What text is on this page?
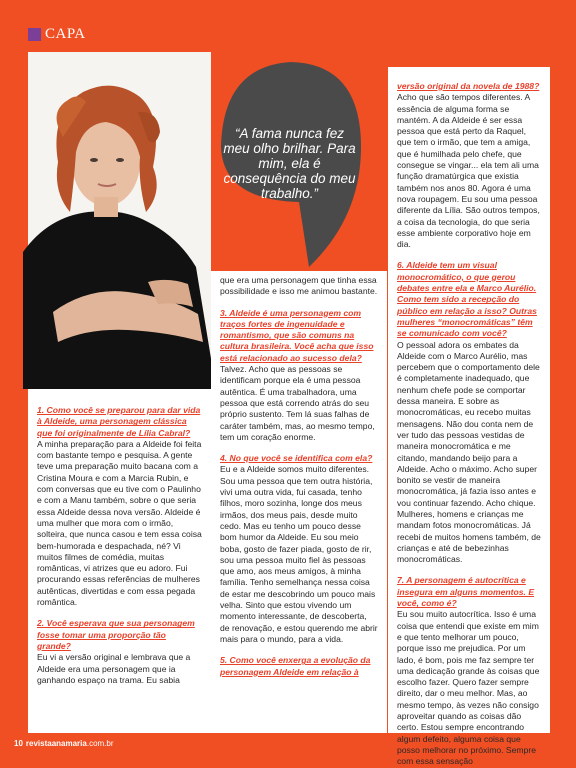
CAPA
“A fama nunca fez meu olho brilhar. Para mim, ela é consequência do meu trabalho.”

1. Como você se preparou para dar vida à Aldeide, uma personagem clássica que foi originalmente de Lília Cabral?
A minha preparação para a Aldeide foi feita com bastante tempo e pesquisa. A gente teve uma preparação muito bacana com a Cristina Moura e com a Marcia Rubin, e com conversas que eu tive com o Paulinho e com a Manu também, sobre o que seria essa Aldeide dessa nova versão. Aldeide é uma mulher que mora com o irmão, solteira, que nunca casou e tem essa coisa bem-humorada e despachada, né? Vi muitos filmes de comédia, muitas românticas, vi atrizes que eu adoro. Fui procurando essas referências de mulheres autênticas, divertidas e com essa pegada romântica.

2. Você esperava que sua personagem fosse tomar uma proporção tão grande?
Eu vi a versão original e lembrava que a Aldeide era uma personagem que ia ganhando espaço na trama. Eu sabia

que era uma personagem que tinha essa possibilidade e isso me animou bastante.

3. Aldeide é uma personagem com traços fortes de ingenuidade e romantismo, que são comuns na cultura brasileira. Você acha que isso está relacionado ao sucesso dela?
Talvez. Acho que as pessoas se identificam porque ela é uma pessoa autêntica. É uma trabalhadora, uma pessoa que está correndo atrás do seu próprio sustento. Tem lá suas falhas de caráter também, mas, ao mesmo tempo, tem um coração enorme.

4. No que você se identifica com ela?
Eu e a Aldeide somos muito diferentes. Sou uma pessoa que tem outra história, vivi uma outra vida, fui casada, tenho filhos, moro sozinha, longe dos meus irmãos, dos meus pais, desde muito cedo. Mas eu tenho um pouco desse bom humor da Aldeide. Eu sou meio boba, gosto de fazer piada, gosto de rir, sou uma pessoa muito fiel às pessoas que amo, aos meus amigos, à minha família. Tenho semelhança nessa coisa de estar me descobrindo um pouco mais velha. Sinto que estou vivendo um momento interessante, de descoberta, de renovação, e estou querendo me abrir mais para o mundo, para a vida.

5. Como você enxerga a evolução da personagem Aldeide em relação à

versão original da novela de 1988?
Acho que são tempos diferentes. A essência de alguma forma se mantém. A da Aldeide é ser essa pessoa que está perto da Raquel, que tem o irmão, que tem a amiga, que é humilhada pelo chefe, que consegue se vingar... ela tem ali uma função dramatúrgica que existia também nos anos 80. Agora é uma nova roupagem. Eu sou uma pessoa diferente da Lília. São outros tempos, a coisa da tecnologia, do que seria esse ambiente corporativo hoje em dia.

6. Aldeide tem um visual monocromático, o que gerou debates entre ela e Marco Aurélio. Como tem sido a recepção do público em relação a isso? Outras mulheres “monocromáticas” têm se comunicado com você?
O pessoal adora os embates da Aldeide com o Marco Aurélio, mas percebem que o comportamento dele é completamente inadequado, que nenhum chefe pode se comportar dessa maneira. E sobre as monocromáticas, eu recebo muitas mensagens. Não dou conta nem de ver tudo das pessoas vestidas de maneira monocromática e me citando, mandando beijo para a Aldeide. Acho o máximo. Acho super bonito se vestir de maneira monocromática, já fazia isso antes e vou continuar fazendo. Acho chique. Mulheres, homens e crianças me mandam fotos monocromáticas. Já recebi de muitos homens também, de crianças e até de bebezinhas monocromáticas.

7. A personagem é autocrítica e insegura em alguns momentos. E você, como é?
Eu sou muito autocrítica. Isso é uma coisa que entendi que existe em mim e que tento melhorar um pouco, porque isso me prejudica. Por um lado, é bom, pois me faz sempre ter uma dedicação grande às coisas que escolho fazer. Quero fazer sempre direito, dar o meu melhor. Mas, ao mesmo tempo, às vezes não consigo aproveitar quando as coisas dão certo. Estou sempre encontrando algum defeito, alguma coisa que posso melhorar no próximo. Sempre com essa sensação

10 revistaanamaria.com.br
